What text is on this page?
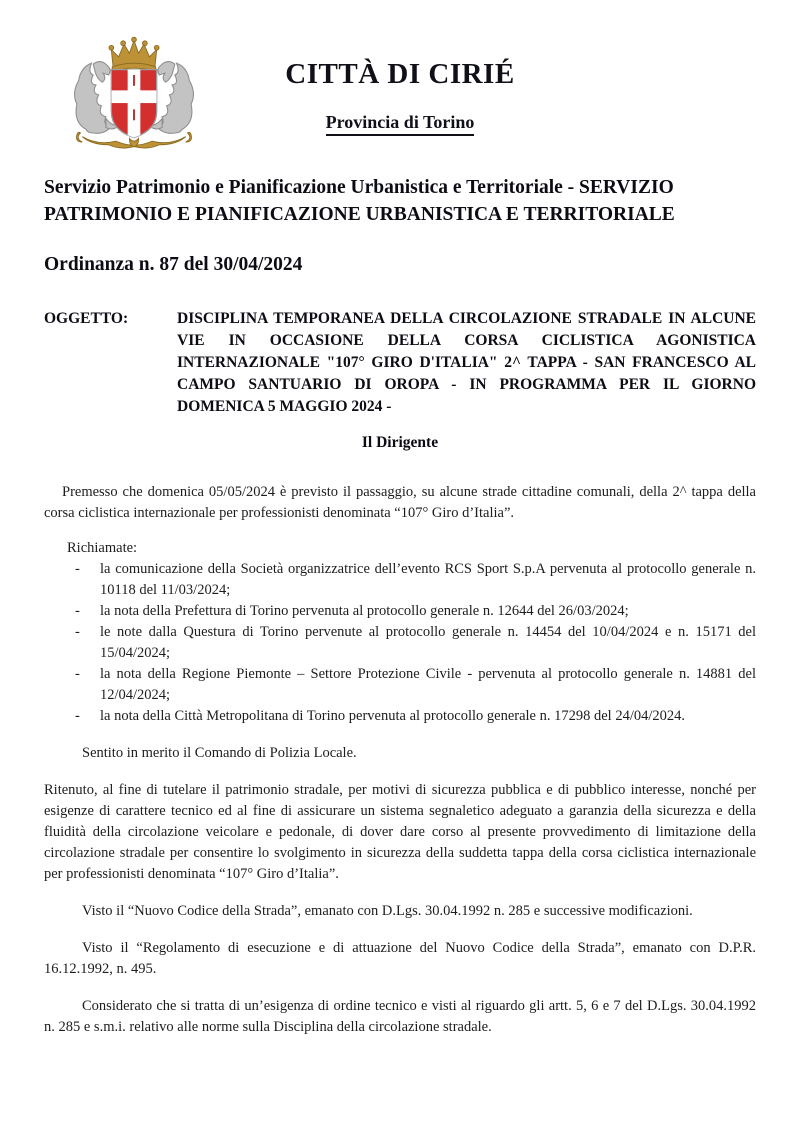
CITTÀ DI CIRIÉ

Provincia di Torino
Servizio Patrimonio e Pianificazione Urbanistica e Territoriale - SERVIZIO PATRIMONIO E PIANIFICAZIONE URBANISTICA E TERRITORIALE
Ordinanza n. 87 del 30/04/2024
OGGETTO:	DISCIPLINA TEMPORANEA DELLA CIRCOLAZIONE STRADALE IN ALCUNE VIE IN OCCASIONE DELLA CORSA CICLISTICA AGONISTICA INTERNAZIONALE "107° GIRO D'ITALIA" 2^ TAPPA - SAN FRANCESCO AL CAMPO SANTUARIO DI OROPA - IN PROGRAMMA PER IL GIORNO DOMENICA 5 MAGGIO 2024 -
Il Dirigente

Premesso che domenica 05/05/2024 è previsto il passaggio, su alcune strade cittadine comunali, della 2^ tappa della corsa ciclistica internazionale per professionisti denominata “107° Giro d’Italia”.

Richiamate:

- la comunicazione della Società organizzatrice dell’evento RCS Sport S.p.A pervenuta al protocollo generale n. 10118 del 11/03/2024;
- la nota della Prefettura di Torino pervenuta al protocollo generale n. 12644 del 26/03/2024;
- le note dalla Questura di Torino pervenute al protocollo generale n. 14454 del 10/04/2024 e n. 15171 del 15/04/2024;
- la nota della Regione Piemonte – Settore Protezione Civile - pervenuta al protocollo generale n. 14881 del 12/04/2024;
- la nota della Città Metropolitana di Torino pervenuta al protocollo generale n. 17298 del 24/04/2024.

Sentito in merito il Comando di Polizia Locale.

Ritenuto, al fine di tutelare il patrimonio stradale, per motivi di sicurezza pubblica e di pubblico interesse, nonché per esigenze di carattere tecnico ed al fine di assicurare un sistema segnaletico adeguato a garanzia della sicurezza e della fluidità della circolazione veicolare e pedonale, di dover dare corso al presente provvedimento di limitazione della circolazione stradale per consentire lo svolgimento in sicurezza della suddetta tappa della corsa ciclistica internazionale per professionisti denominata “107° Giro d’Italia”.

Visto il “Nuovo Codice della Strada”, emanato con D.Lgs. 30.04.1992 n. 285 e successive modificazioni.

Visto il “Regolamento di esecuzione e di attuazione del Nuovo Codice della Strada”, emanato con D.P.R. 16.12.1992, n. 495.

Considerato che si tratta di un’esigenza di ordine tecnico e visti al riguardo gli artt. 5, 6 e 7 del D.Lgs. 30.04.1992 n. 285 e s.m.i. relativo alle norme sulla Disciplina della circolazione stradale.
